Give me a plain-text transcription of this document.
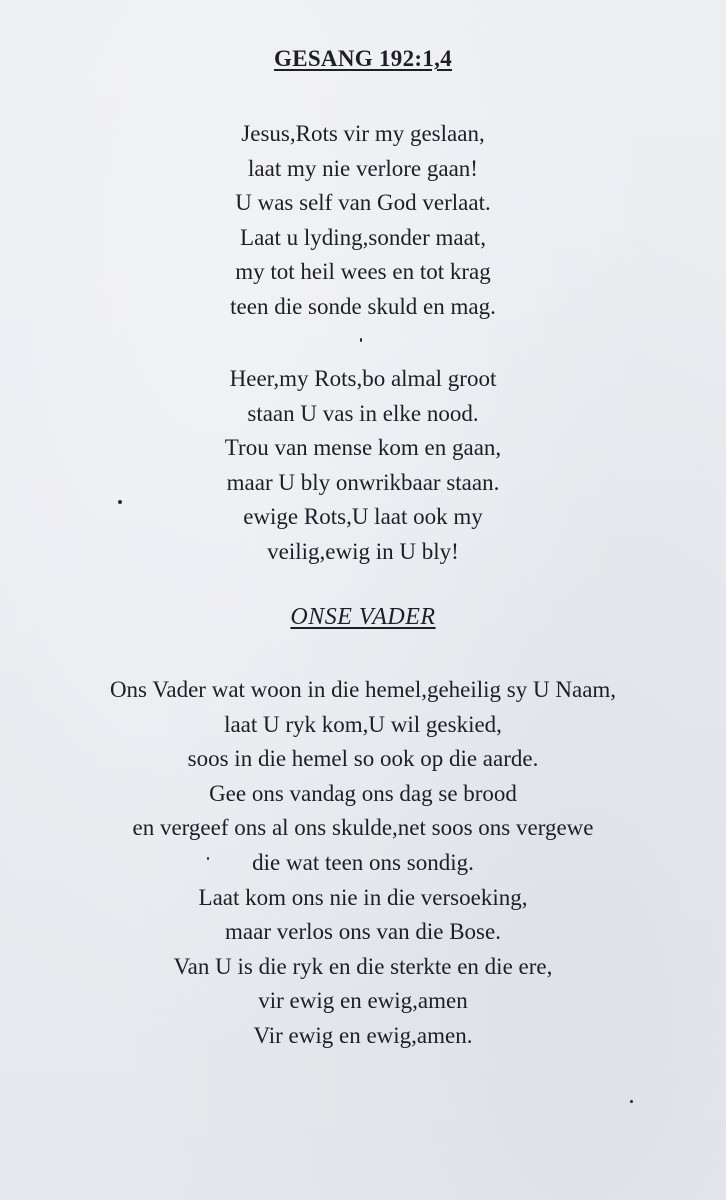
GESANG 192:1,4
Jesus,Rots vir my geslaan,
laat my nie verlore gaan!
U was self van God verlaat.
Laat u lyding,sonder maat,
my tot heil wees en tot krag
teen die sonde skuld en mag.
Heer,my Rots,bo almal groot
staan U vas in elke nood.
Trou van mense kom en gaan,
maar U bly onwrikbaar staan.
ewige Rots,U laat ook my
veilig,ewig in U bly!
ONSE VADER
Ons Vader wat woon in die hemel,geheilig sy U Naam,
laat U ryk kom,U wil geskied,
soos in die hemel so ook op die aarde.
Gee ons vandag ons dag se brood
en vergeef ons al ons skulde,net soos ons vergewe
die wat teen ons sondig.
Laat kom ons nie in die versoeking,
maar verlos ons van die Bose.
Van U is die ryk en die sterkte en die ere,
vir ewig en ewig,amen
Vir ewig en ewig,amen.
